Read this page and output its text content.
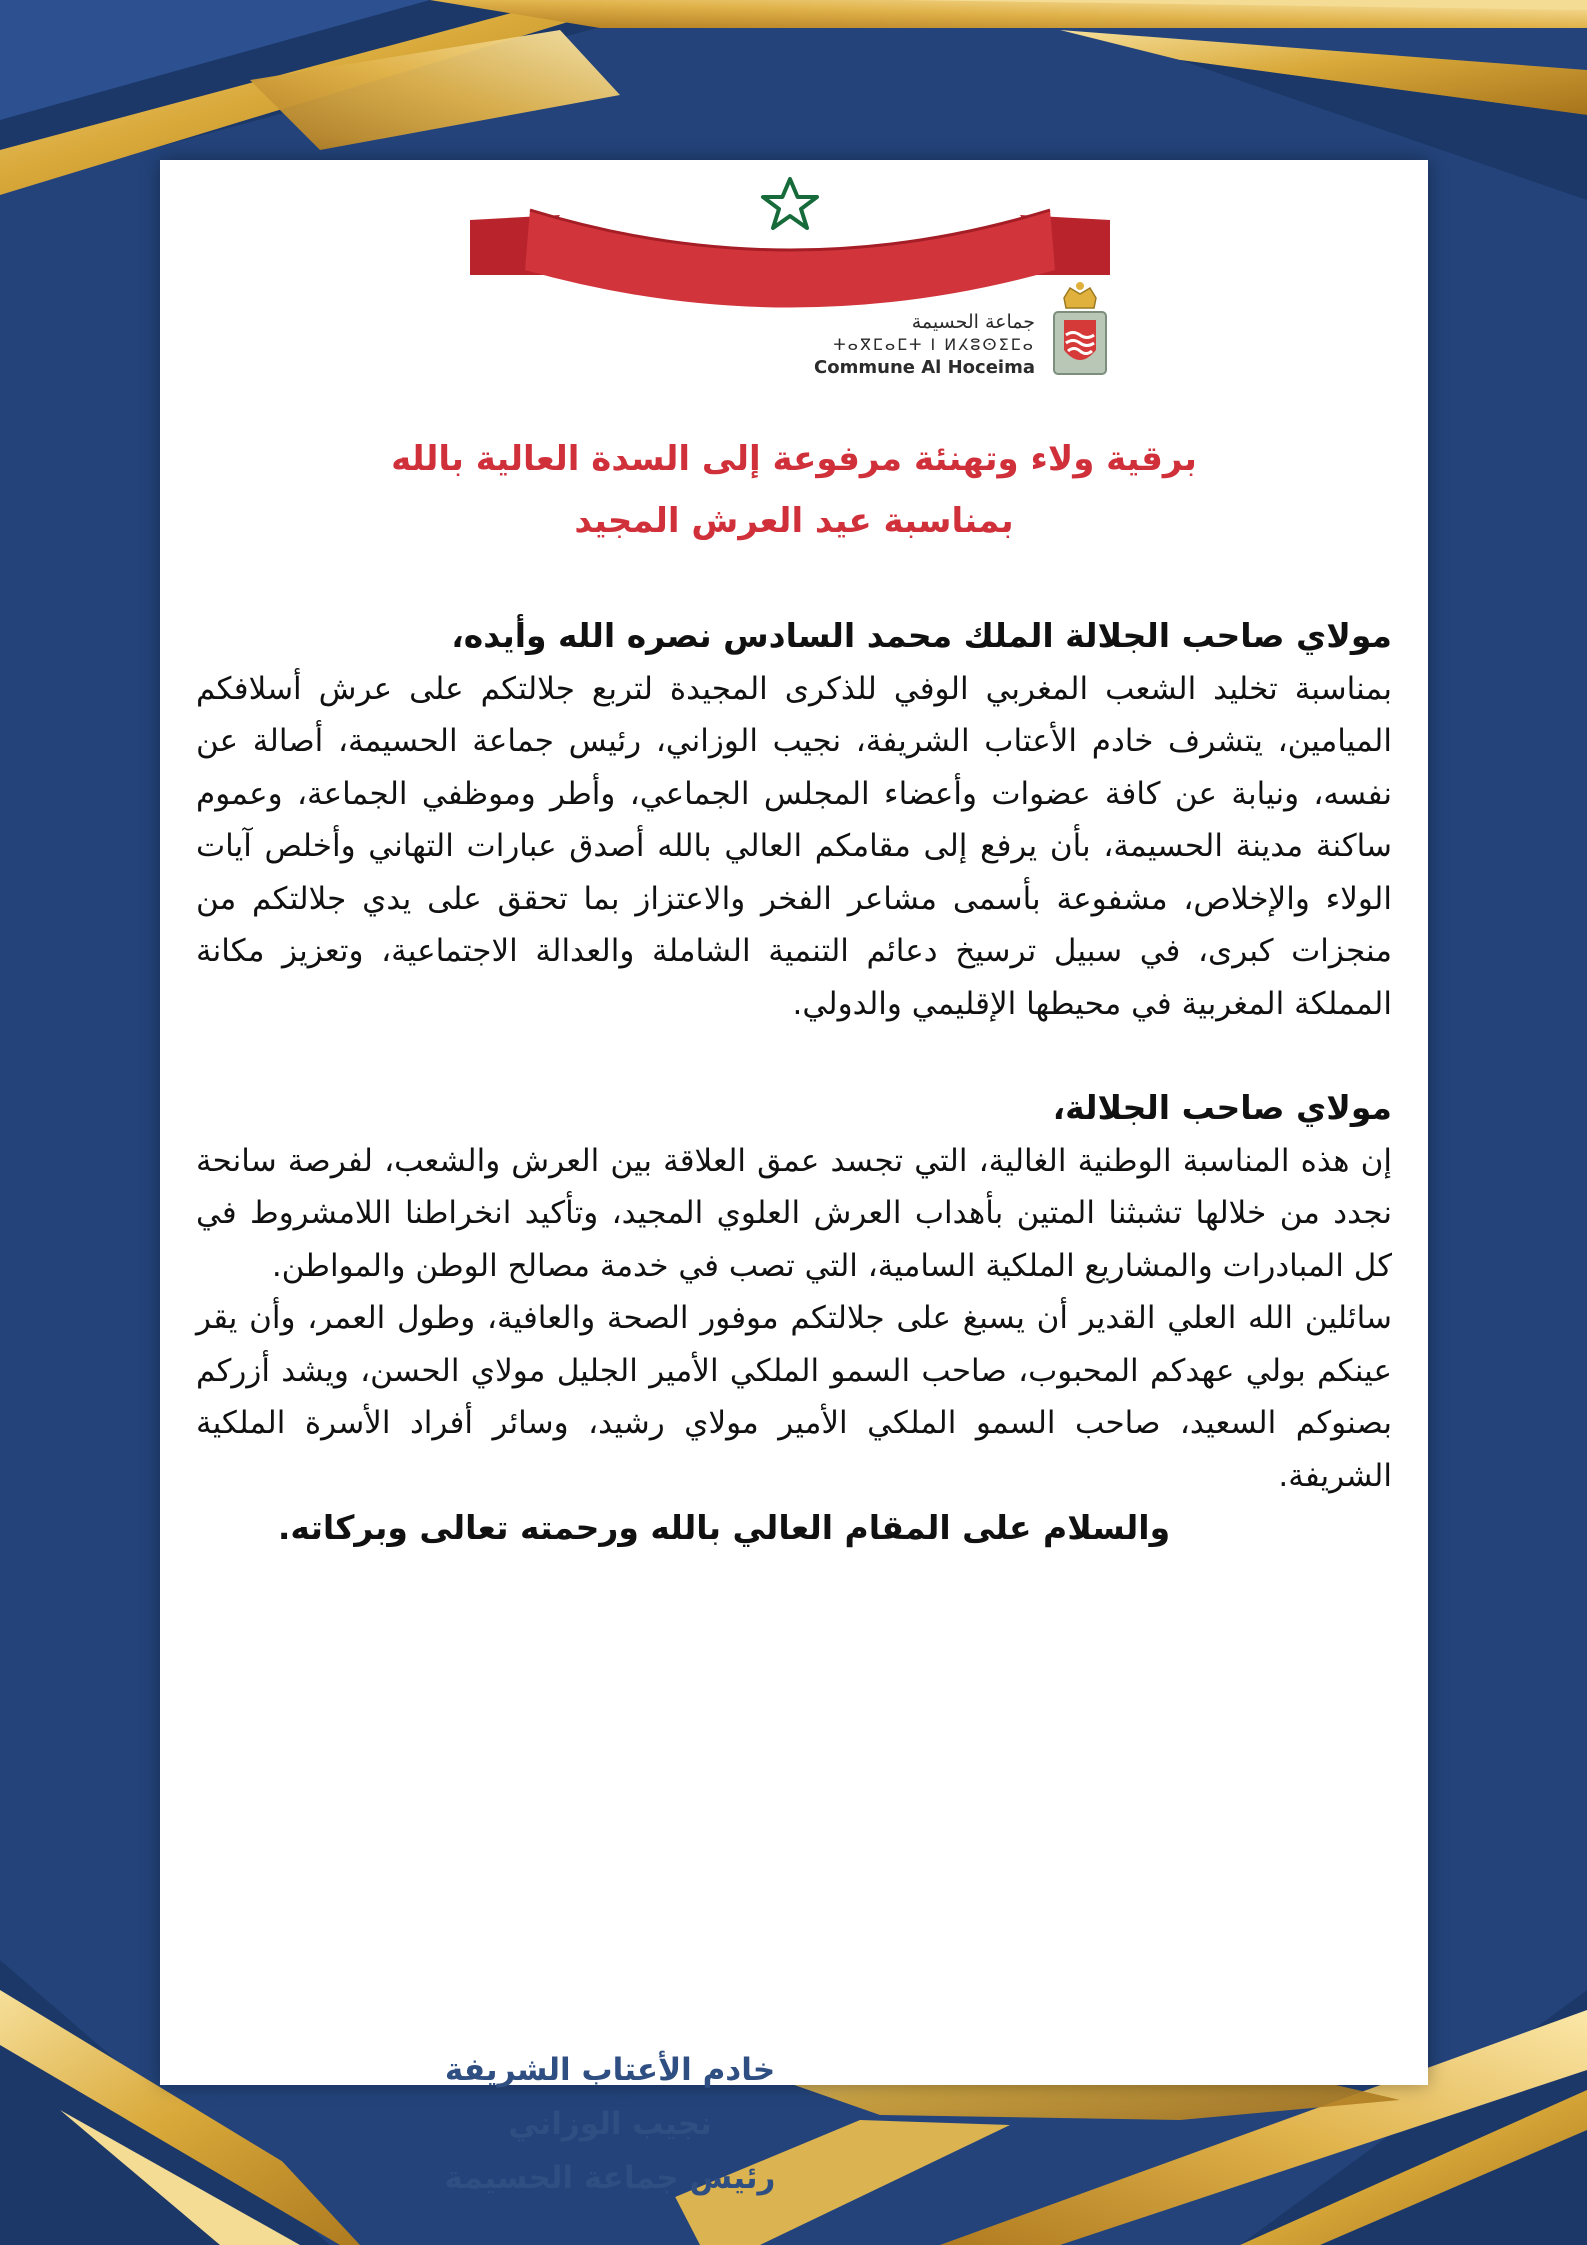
جماعة الحسيمة
ⵜⴰⴳⵎⴰⵎⵜ ⵏ ⵍⵃⵓⵙⵉⵎⴰ
Commune Al Hoceima
برقية ولاء وتهنئة مرفوعة إلى السدة العالية بالله
بمناسبة عيد العرش المجيد

مولاي صاحب الجلالة الملك محمد السادس نصره الله وأيده،

بمناسبة تخليد الشعب المغربي الوفي للذكرى المجيدة لتربع جلالتكم على عرش أسلافكم الميامين، يتشرف خادم الأعتاب الشريفة، نجيب الوزاني، رئيس جماعة الحسيمة، أصالة عن نفسه، ونيابة عن كافة عضوات وأعضاء المجلس الجماعي، وأطر وموظفي الجماعة، وعموم ساكنة مدينة الحسيمة، بأن يرفع إلى مقامكم العالي بالله أصدق عبارات التهاني وأخلص آيات الولاء والإخلاص، مشفوعة بأسمى مشاعر الفخر والاعتزاز بما تحقق على يدي جلالتكم من منجزات كبرى، في سبيل ترسيخ دعائم التنمية الشاملة والعدالة الاجتماعية، وتعزيز مكانة المملكة المغربية في محيطها الإقليمي والدولي.

مولاي صاحب الجلالة،

إن هذه المناسبة الوطنية الغالية، التي تجسد عمق العلاقة بين العرش والشعب، لفرصة سانحة نجدد من خلالها تشبثنا المتين بأهداب العرش العلوي المجيد، وتأكيد انخراطنا اللامشروط في كل المبادرات والمشاريع الملكية السامية، التي تصب في خدمة مصالح الوطن والمواطن.

سائلين الله العلي القدير أن يسبغ على جلالتكم موفور الصحة والعافية، وطول العمر، وأن يقر عينكم بولي عهدكم المحبوب، صاحب السمو الملكي الأمير الجليل مولاي الحسن، ويشد أزركم بصنوكم السعيد، صاحب السمو الملكي الأمير مولاي رشيد، وسائر أفراد الأسرة الملكية الشريفة.

والسلام على المقام العالي بالله ورحمته تعالى وبركاته.

خادم الأعتاب الشريفة
نجيب الوزاني
رئيس جماعة الحسيمة
